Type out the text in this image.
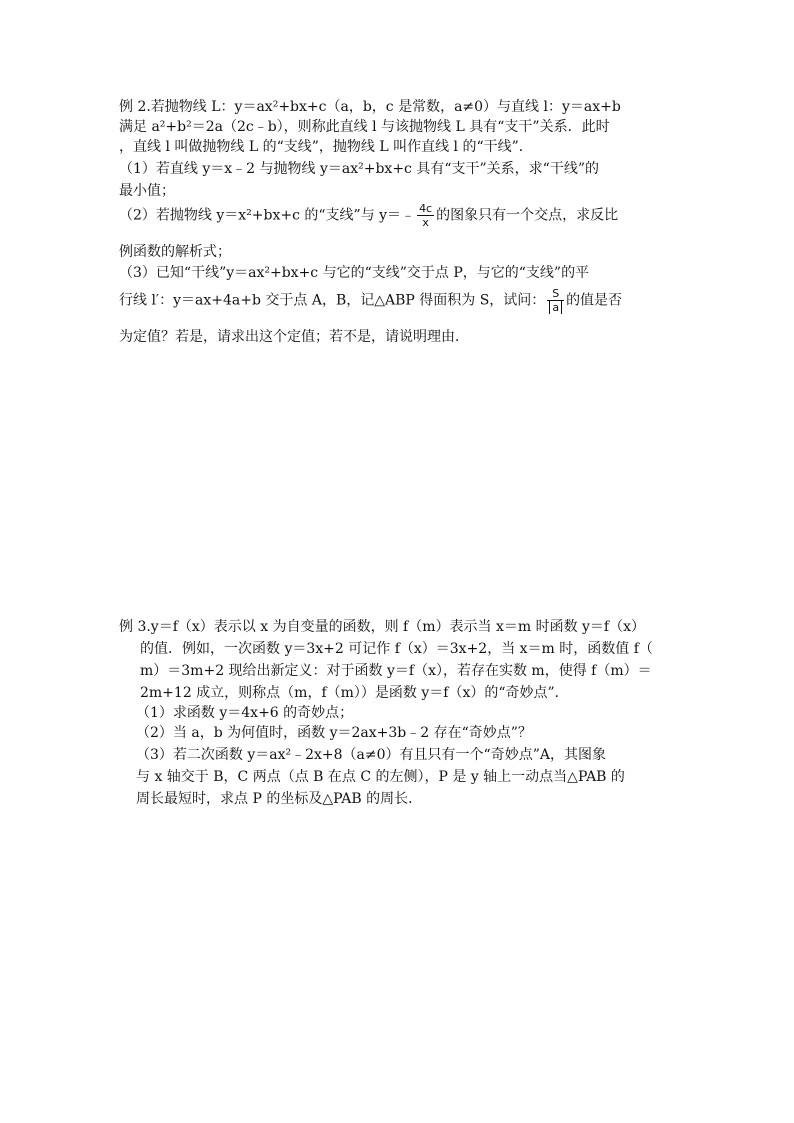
例 2.若抛物线 L：y＝ax²+bx+c（a，b，c 是常数，a≠0）与直线 l：y＝ax+b
满足 a²+b²＝2a（2c﹣b），则称此直线 l 与该抛物线 L 具有“支干”关系．此时
，直线 l 叫做抛物线 L 的“支线”，抛物线 L 叫作直线 l 的“干线”．
（1）若直线 y＝x﹣2 与抛物线 y＝ax²+bx+c 具有“支干”关系，求“干线”的
最小值；
（2）若抛物线 y＝x²+bx+c 的“支线”与 y＝﹣ $\frac{4c}{x}$ 的图象只有一个交点，求反比
例函数的解析式；
（3）已知“干线”y＝ax²+bx+c 与它的“支线”交于点 P，与它的“支线”的平
行线 l′：y＝ax+4a+b 交于点 A，B，记△ABP 得面积为 S，试问： $\frac{S}{a}$ 的值是否
为定值？若是，请求出这个定值；若不是，请说明理由．
例 3.y＝f（x）表示以 x 为自变量的函数，则 f（m）表示当 x＝m 时函数 y＝f（x）
的值．例如，一次函数 y＝3x+2 可记作 f（x）＝3x+2，当 x＝m 时，函数值 f（
m）＝3m+2 现给出新定义：对于函数 y＝f（x），若存在实数 m，使得 f（m）＝
2m+12 成立，则称点（m，f（m））是函数 y＝f（x）的“奇妙点”．
（1）求函数 y＝4x+6 的奇妙点；
（2）当 a，b 为何值时，函数 y＝2ax+3b﹣2 存在“奇妙点”？
（3）若二次函数 y＝ax²﹣2x+8（a≠0）有且只有一个“奇妙点”A，其图象
与 x 轴交于 B，C 两点（点 B 在点 C 的左侧），P 是 y 轴上一动点当△PAB 的
周长最短时，求点 P 的坐标及△PAB 的周长．
